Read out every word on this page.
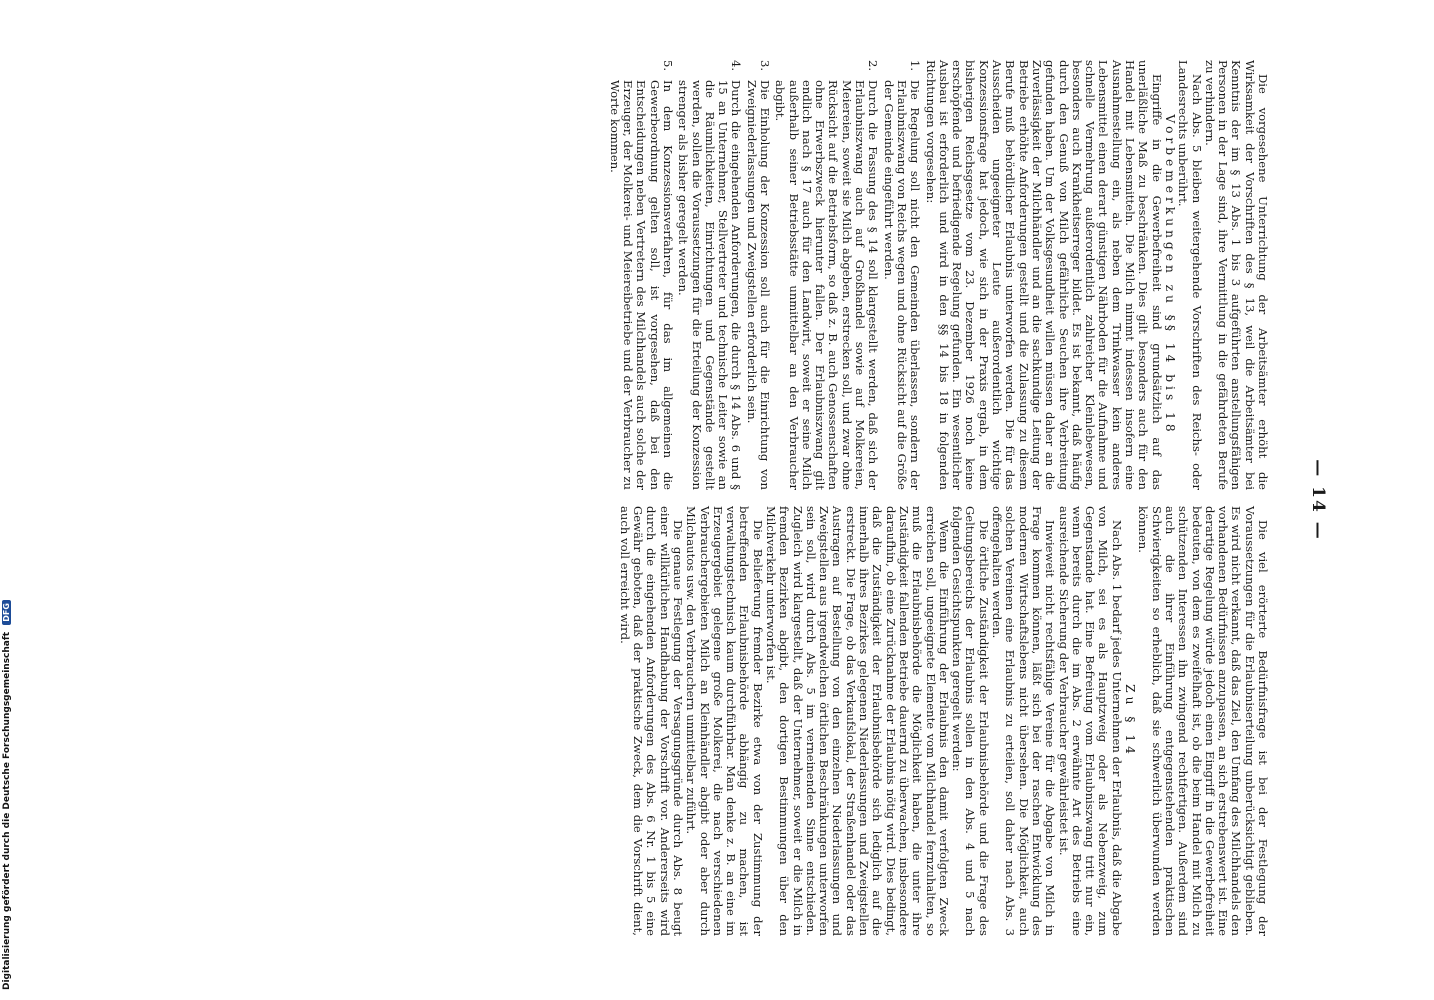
— 14 —

Die vorgesehene Unterrichtung der Arbeitsämter erhöht die Wirksamkeit der Vorschriften des § 13, weil die Arbeitsämter bei Kenntnis der im § 13 Abs. 1 bis 3 aufgeführten anstellungsfähigen Personen in der Lage sind, ihre Vermittlung in die gefährdeten Berufe zu verhindern.

Nach Abs. 5 bleiben weitergehende Vorschriften des Reichs- oder Landesrechts unberührt.

Vorbemerkungen zu §§ 14 bis 18

Eingriffe in die Gewerbefreiheit sind grundsätzlich auf das unerläßliche Maß zu beschränken. Dies gilt besonders auch für den Handel mit Lebensmitteln. Die Milch nimmt indessen insofern eine Ausnahmestellung ein, als neben dem Trinkwasser kein anderes Lebensmittel einen derart günstigen Nährboden für die Aufnahme und schnelle Vermehrung außerordentlich zahlreicher Kleinlebewesen, besonders auch Krankheitserreger bildet. Es ist bekannt, daß häufig durch den Genuß von Milch gefährliche Seuchen ihre Verbreitung gefunden haben. Um der Volksgesundheit willen müssen daher an die Zuverlässigkeit der Milchhändler und an die sachkundige Leitung der Betriebe erhöhte Anforderungen gestellt und die Zulassung zu diesem Berufe muß behördlicher Erlaubnis unterworfen werden. Die für das Ausscheiden ungeeigneter Leute außerordentlich wichtige Konzessionsfrage hat jedoch, wie sich in der Praxis ergab, in dem bisherigen Reichsgesetze vom 23. Dezember 1926 noch keine erschöpfende und befriedigende Regelung gefunden. Ein wesentlicher Ausbau ist erforderlich und wird in den §§ 14 bis 18 in folgenden Richtungen vorgesehen:

1.
Die Regelung soll nicht den Gemeinden überlassen, sondern der Erlaubniszwang von Reichs wegen und ohne Rücksicht auf die Größe der Gemeinde eingeführt werden.
2.
Durch die Fassung des § 14 soll klargestellt werden, daß sich der Erlaubniszwang auch auf Großhandel sowie auf Molkereien, Meiereien, soweit sie Milch abgeben, erstrecken soll, und zwar ohne Rücksicht auf die Betriebsform, so daß z. B. auch Genossenschaften ohne Erwerbszweck hierunter fallen. Der Erlaubniszwang gilt endlich nach § 17 auch für den Landwirt, soweit er seine Milch außerhalb seiner Betriebsstätte unmittelbar an den Verbraucher abgibt.
3.
Die Einholung der Konzession soll auch für die Einrichtung von Zweigniederlassungen und Zweigstellen erforderlich sein.
4.
Durch die eingehenden Anforderungen, die durch § 14 Abs. 6 und § 15 an Unternehmer, Stellvertreter und technische Leiter sowie an die Räumlichkeiten, Einrichtungen und Gegenstände gestellt werden, sollen die Voraussetzungen für die Erteilung der Konzession strenger als bisher geregelt werden.
5.
In dem Konzessionsverfahren, für das im allgemeinen die Gewerbeordnung gelten soll, ist vorgesehen, daß bei den Entscheidungen neben Vertretern des Milchhandels auch solche der Erzeuger, der Molkerei- und Meiereibetriebe und der Verbraucher zu Worte kommen.

Die viel erörterte Bedürfnisfrage ist bei der Festlegung der Voraussetzungen für die Erlaubniserteilung unberücksichtigt geblieben. Es wird nicht verkannt, daß das Ziel, den Umfang des Milchhandels den vorhandenen Bedürfnissen anzupassen, an sich erstrebenswert ist. Eine derartige Regelung würde jedoch einen Eingriff in die Gewerbefreiheit bedeuten, von dem es zweifelhaft ist, ob die beim Handel mit Milch zu schützenden Interessen ihn zwingend rechtfertigen. Außerdem sind auch die ihrer Einführung entgegenstehenden praktischen Schwierigkeiten so erheblich, daß sie schwerlich überwunden werden können.

Zu § 14

Nach Abs. 1 bedarf jedes Unternehmen der Erlaubnis, daß die Abgabe von Milch, sei es als Hauptzweig oder als Nebenzweig, zum Gegenstande hat. Eine Befreiung vom Erlaubniszwang tritt nur ein, wenn bereits durch die im Abs. 2 erwähnte Art des Betriebs eine ausreichende Sicherung der Verbraucher gewährleistet ist.

Inwieweit nicht rechtsfähige Vereine für die Abgabe von Milch in Frage kommen können, läßt sich bei der raschen Entwicklung des modernen Wirtschaftslebens nicht übersehen. Die Möglichkeit, auch solchen Vereinen eine Erlaubnis zu erteilen, soll daher nach Abs. 3 offengehalten werden.

Die örtliche Zuständigkeit der Erlaubnisbehörde und die Frage des Geltungsbereichs der Erlaubnis sollen in den Abs. 4 und 5 nach folgenden Gesichtspunkten geregelt werden:

Wenn die Einführung der Erlaubnis den damit verfolgten Zweck erreichen soll, ungeeignete Elemente vom Milchhandel fernzuhalten, so muß die Erlaubnisbehörde die Möglichkeit haben, die unter ihre Zuständigkeit fallenden Betriebe dauernd zu überwachen, insbesondere daraufhin, ob eine Zurücknahme der Erlaubnis nötig wird. Dies bedingt, daß die Zuständigkeit der Erlaubnisbehörde sich lediglich auf die innerhalb ihres Bezirkes gelegenen Niederlassungen und Zweigstellen erstreckt. Die Frage, ob das Verkaufslokal, der Straßenhandel oder das Austragen auf Bestellung von den einzelnen Niederlassungen und Zweigstellen aus irgendwelchen örtlichen Beschränkungen unterworfen sein soll, wird durch Abs. 5 im verneinenden Sinne entschieden. Zugleich wird klargestellt, daß der Unternehmer, soweit er die Milch in fremden Bezirken abgibt, den dortigen Bestimmungen über den Milchverkehr unterworfen ist.

Die Belieferung fremder Bezirke etwa von der Zustimmung der betreffenden Erlaubnisbehörde abhängig zu machen, ist verwaltungstechnisch kaum durchführbar. Man denke z. B. an eine im Erzeugergebiet gelegene große Molkerei, die nach verschiedenen Verbrauchergebieten Milch an Kleinhändler abgibt oder aber durch Milchautos usw. den Verbrauchern unmittelbar zuführt.

Die genaue Festlegung der Versagungsgründe durch Abs. 8 beugt einer willkürlichen Handhabung der Vorschrift vor. Andererseits wird durch die eingehenden Anforderungen des Abs. 6 Nr. 1 bis 5 eine Gewähr geboten, daß der praktische Zweck, dem die Vorschrift dient, auch voll erreicht wird.

Digitalisierung gefördert durch die Deutsche Forschungsgemeinschaft DFG
